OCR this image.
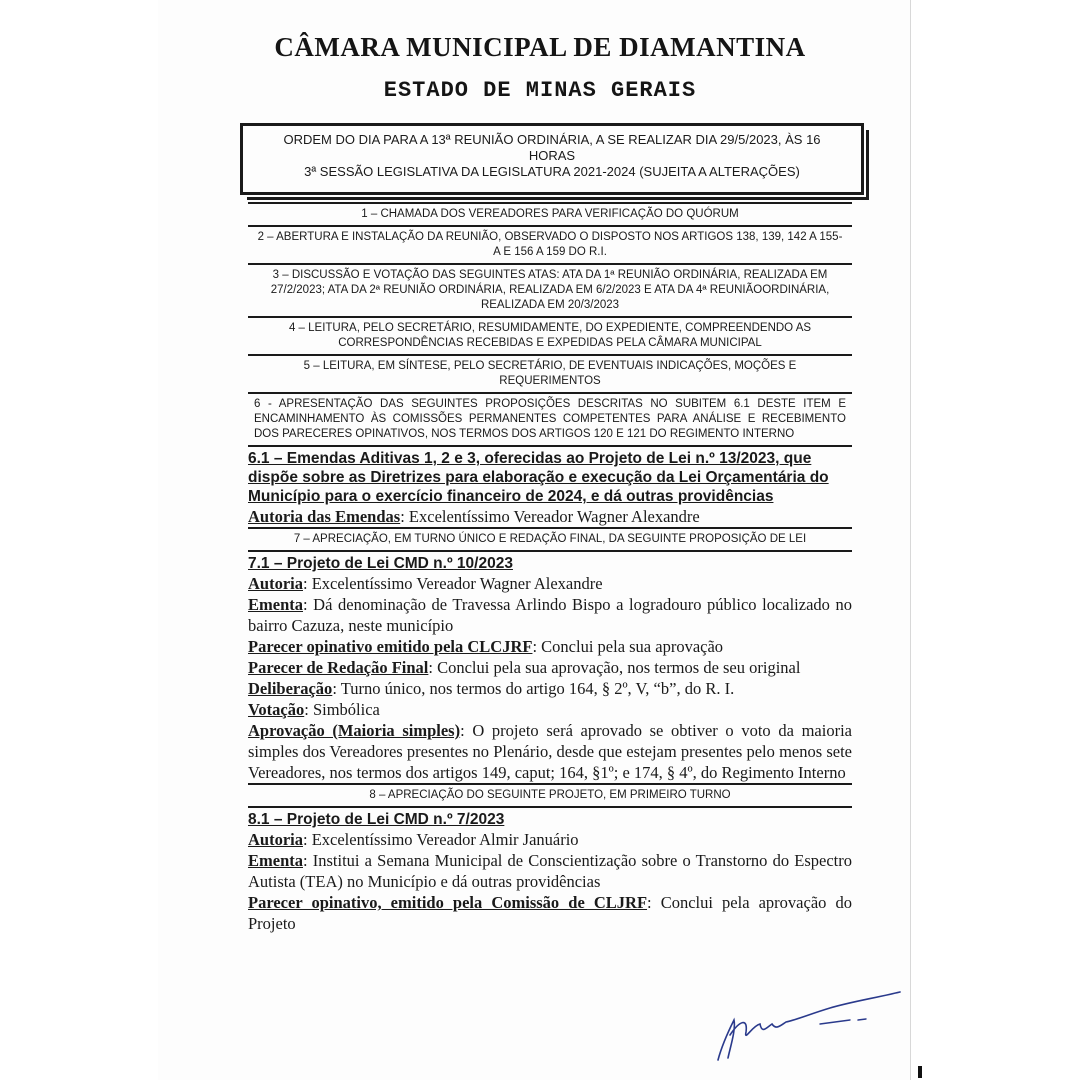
CÂMARA MUNICIPAL DE DIAMANTINA
ESTADO DE MINAS GERAIS
ORDEM DO DIA PARA A 13ª REUNIÃO ORDINÁRIA, A SE REALIZAR DIA 29/5/2023, ÀS 16 HORAS
3ª SESSÃO LEGISLATIVA DA LEGISLATURA 2021-2024 (SUJEITA A ALTERAÇÕES)
1 – CHAMADA DOS VEREADORES PARA VERIFICAÇÃO DO QUÓRUM
2 – ABERTURA E INSTALAÇÃO DA REUNIÃO, OBSERVADO O DISPOSTO NOS ARTIGOS 138, 139, 142 A 155-A E 156 A 159 DO R.I.
3 – DISCUSSÃO E VOTAÇÃO DAS SEGUINTES ATAS: ATA DA 1ª REUNIÃO ORDINÁRIA, REALIZADA EM 27/2/2023; ATA DA 2ª REUNIÃO ORDINÁRIA, REALIZADA EM 6/2/2023 E ATA DA 4ª REUNIÃOORDINÁRIA, REALIZADA EM 20/3/2023
4 – LEITURA, PELO SECRETÁRIO, RESUMIDAMENTE, DO EXPEDIENTE, COMPREENDENDO AS CORRESPONDÊNCIAS RECEBIDAS E EXPEDIDAS PELA CÂMARA MUNICIPAL
5 – LEITURA, EM SÍNTESE, PELO SECRETÁRIO, DE EVENTUAIS INDICAÇÕES, MOÇÕES E REQUERIMENTOS
6 - APRESENTAÇÃO DAS SEGUINTES PROPOSIÇÕES DESCRITAS NO SUBITEM 6.1 DESTE ITEM E ENCAMINHAMENTO ÀS COMISSÕES PERMANENTES COMPETENTES PARA ANÁLISE E RECEBIMENTO DOS PARECERES OPINATIVOS, NOS TERMOS DOS ARTIGOS 120 E 121 DO REGIMENTO INTERNO
6.1 – Emendas Aditivas 1, 2 e 3, oferecidas ao Projeto de Lei n.º 13/2023, que dispõe sobre as Diretrizes para elaboração e execução da Lei Orçamentária do Município para o exercício financeiro de 2024, e dá outras providências
Autoria das Emendas: Excelentíssimo Vereador Wagner Alexandre
7 – APRECIAÇÃO, EM TURNO ÚNICO E REDAÇÃO FINAL, DA SEGUINTE PROPOSIÇÃO DE LEI
7.1 – Projeto de Lei CMD n.º 10/2023
Autoria: Excelentíssimo Vereador Wagner Alexandre
Ementa: Dá denominação de Travessa Arlindo Bispo a logradouro público localizado no bairro Cazuza, neste município
Parecer opinativo emitido pela CLCJRF: Conclui pela sua aprovação
Parecer de Redação Final: Conclui pela sua aprovação, nos termos de seu original
Deliberação: Turno único, nos termos do artigo 164, § 2º, V, “b”, do R. I.
Votação: Simbólica
Aprovação (Maioria simples): O projeto será aprovado se obtiver o voto da maioria simples dos Vereadores presentes no Plenário, desde que estejam presentes pelo menos sete Vereadores, nos termos dos artigos 149, caput; 164, §1º; e 174, § 4º, do Regimento Interno
8 – APRECIAÇÃO DO SEGUINTE PROJETO, EM PRIMEIRO TURNO
8.1 – Projeto de Lei CMD n.º 7/2023
Autoria: Excelentíssimo Vereador Almir Januário
Ementa: Institui a Semana Municipal de Conscientização sobre o Transtorno do Espectro Autista (TEA) no Município e dá outras providências
Parecer opinativo, emitido pela Comissão de CLJRF: Conclui pela aprovação do Projeto
